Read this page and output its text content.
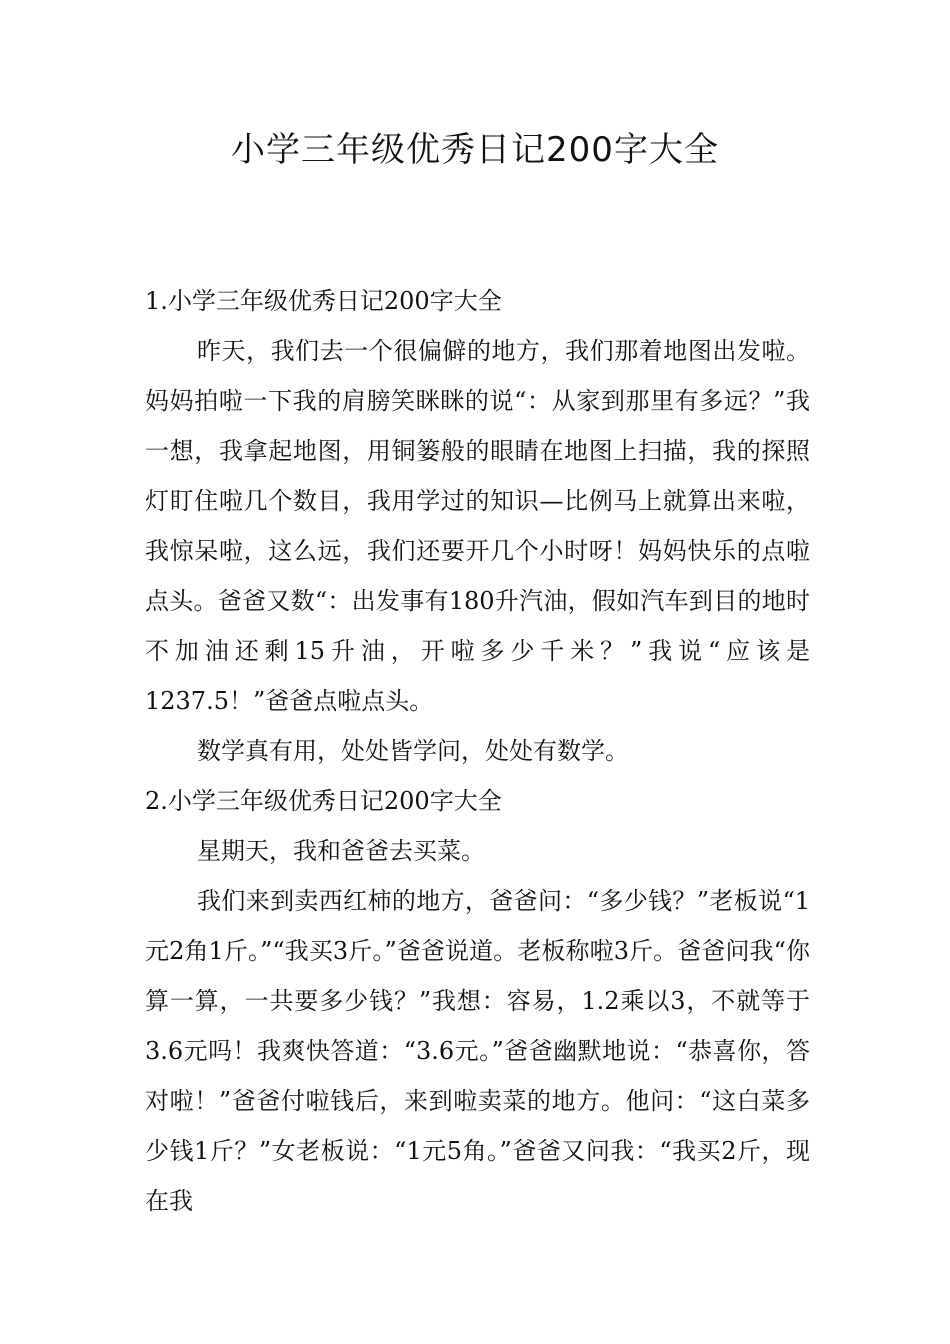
小学三年级优秀日记200字大全

1.小学三年级优秀日记200字大全

昨天，我们去一个很偏僻的地方，我们那着地图出发啦。妈妈拍啦一下我的肩膀笑眯眯的说“：从家到那里有多远？”我一想，我拿起地图，用铜篓般的眼睛在地图上扫描，我的探照灯盯住啦几个数目，我用学过的知识—比例马上就算出来啦，我惊呆啦，这么远，我们还要开几个小时呀！妈妈快乐的点啦点头。爸爸又数“：出发事有180升汽油，假如汽车到目的地时不加油还剩15升油，开啦多少千米？”我说“应该是1237.5！”爸爸点啦点头。

数学真有用，处处皆学问，处处有数学。

2.小学三年级优秀日记200字大全

星期天，我和爸爸去买菜。

我们来到卖西红柿的地方，爸爸问：“多少钱？”老板说“1元2角1斤。”“我买3斤。”爸爸说道。老板称啦3斤。爸爸问我“你算一算，一共要多少钱？”我想：容易，1.2乘以3，不就等于3.6元吗！我爽快答道：“3.6元。”爸爸幽默地说：“恭喜你，答对啦！”爸爸付啦钱后，来到啦卖菜的地方。他问：“这白菜多少钱1斤？”女老板说：“1元5角。”爸爸又问我：“我买2斤，现在我
